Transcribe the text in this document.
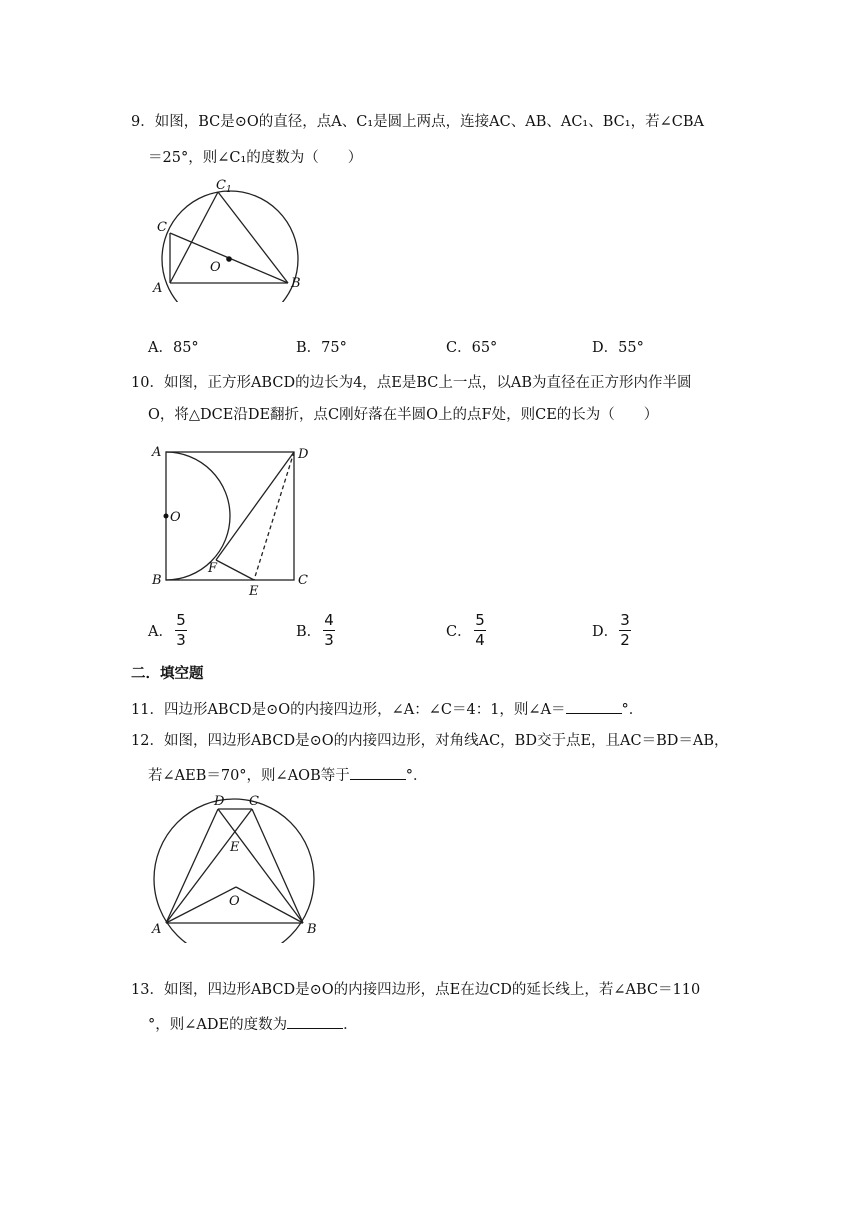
9．如图，BC是⊙O的直径，点A、C₁是圆上两点，连接AC、AB、AC₁、BC₁，若∠CBA
＝25°，则∠C₁的度数为（　　）
C 1
C
O
A	B
A．85°	B．75°	C．65°	D．55°
10．如图，正方形ABCD的边长为4，点E是BC上一点，以AB为直径在正方形内作半圆
O，将△DCE沿DE翻折，点C刚好落在半圆O上的点F处，则CE的长为（　　）
A	D
O
F
B
E
C
A．
5
3	B．
4
3	C．
5
4	D．
3
2
二．填空题
11．四边形ABCD是⊙O的内接四边形，∠A：∠C＝4：1，则∠A＝	°．
12．如图，四边形ABCD是⊙O的内接四边形，对角线AC，BD交于点E，且AC＝BD＝AB，
若∠AEB＝70°，则∠AOB等于	°．
D C
E
O
A	B
13．如图，四边形ABCD是⊙O的内接四边形，点E在边CD的延长线上，若∠ABC＝110
°，则∠ADE的度数为	．
